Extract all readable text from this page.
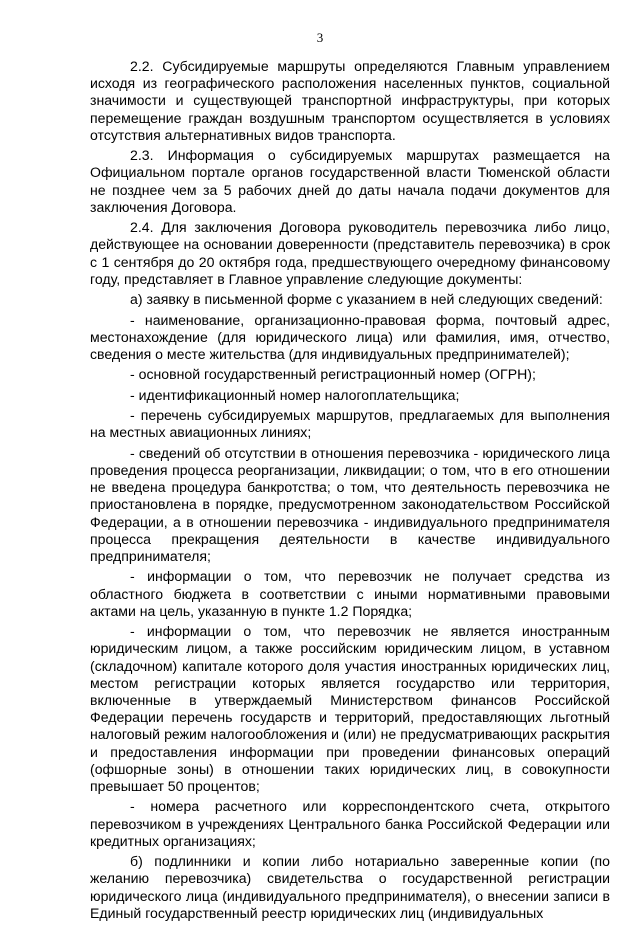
3

2.2. Субсидируемые маршруты определяются Главным управлением исходя из географического расположения населенных пунктов, социальной значимости и существующей транспортной инфраструктуры, при которых перемещение граждан воздушным транспортом осуществляется в условиях отсутствия альтернативных видов транспорта.

2.3. Информация о субсидируемых маршрутах размещается на Официальном портале органов государственной власти Тюменской области не позднее чем за 5 рабочих дней до даты начала подачи документов для заключения Договора.

2.4. Для заключения Договора руководитель перевозчика либо лицо, действующее на основании доверенности (представитель перевозчика) в срок с 1 сентября до 20 октября года, предшествующего очередному финансовому году, представляет в Главное управление следующие документы:

а) заявку в письменной форме с указанием в ней следующих сведений:

- наименование, организационно-правовая форма, почтовый адрес, местонахождение (для юридического лица) или фамилия, имя, отчество, сведения о месте жительства (для индивидуальных предпринимателей);

- основной государственный регистрационный номер (ОГРН);

- идентификационный номер налогоплательщика;

- перечень субсидируемых маршрутов, предлагаемых для выполнения на местных авиационных линиях;

- сведений об отсутствии в отношения перевозчика - юридического лица проведения процесса реорганизации, ликвидации; о том, что в его отношении не введена процедура банкротства; о том, что деятельность перевозчика не приостановлена в порядке, предусмотренном законодательством Российской Федерации, а в отношении перевозчика - индивидуального предпринимателя процесса прекращения деятельности в качестве индивидуального предпринимателя;

- информации о том, что перевозчик не получает средства из областного бюджета в соответствии с иными нормативными правовыми актами на цель, указанную в пункте 1.2 Порядка;

- информации о том, что перевозчик не является иностранным юридическим лицом, а также российским юридическим лицом, в уставном (складочном) капитале которого доля участия иностранных юридических лиц, местом регистрации которых является государство или территория, включенные в утверждаемый Министерством финансов Российской Федерации перечень государств и территорий, предоставляющих льготный налоговый режим налогообложения и (или) не предусматривающих раскрытия и предоставления информации при проведении финансовых операций (офшорные зоны) в отношении таких юридических лиц, в совокупности превышает 50 процентов;

- номера расчетного или корреспондентского счета, открытого перевозчиком в учреждениях Центрального банка Российской Федерации или кредитных организациях;

б) подлинники и копии либо нотариально заверенные копии (по желанию перевозчика) свидетельства о государственной регистрации юридического лица (индивидуального предпринимателя), о внесении записи в Единый государственный реестр юридических лиц (индивидуальных
